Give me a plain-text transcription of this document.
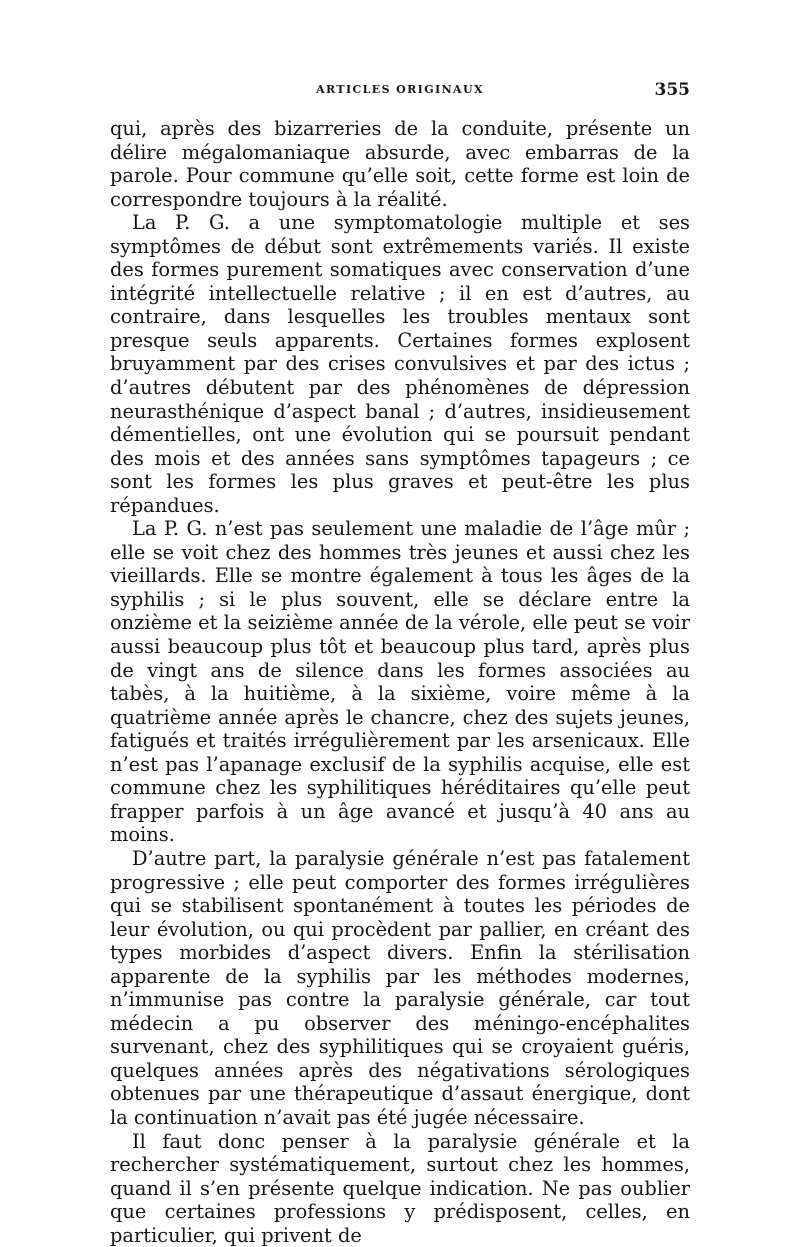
ARTICLES ORIGINAUX	355

qui, après des bizarreries de la conduite, présente un délire mégalomaniaque absurde, avec embarras de la parole. Pour commune qu’elle soit, cette forme est loin de correspondre toujours à la réalité.

La P. G. a une symptomatologie multiple et ses symptômes de début sont extrêmements variés. Il existe des formes purement somatiques avec conservation d’une intégrité intellectuelle relative ; il en est d’autres, au contraire, dans lesquelles les troubles mentaux sont presque seuls apparents. Certaines formes explosent bruyamment par des crises convulsives et par des ictus ; d’autres débutent par des phénomènes de dépression neurasthénique d’aspect banal ; d’autres, insidieusement démentielles, ont une évolution qui se poursuit pendant des mois et des années sans symptômes tapageurs ; ce sont les formes les plus graves et peut-être les plus répandues.

La P. G. n’est pas seulement une maladie de l’âge mûr ; elle se voit chez des hommes très jeunes et aussi chez les vieillards. Elle se montre également à tous les âges de la syphilis ; si le plus souvent, elle se déclare entre la onzième et la seizième année de la vérole, elle peut se voir aussi beaucoup plus tôt et beaucoup plus tard, après plus de vingt ans de silence dans les formes associées au tabès, à la huitième, à la sixième, voire même à la quatrième année après le chancre, chez des sujets jeunes, fatigués et traités irrégulièrement par les arsenicaux. Elle n’est pas l’apanage exclusif de la syphilis acquise, elle est commune chez les syphilitiques héréditaires qu’elle peut frapper parfois à un âge avancé et jusqu’à 40 ans au moins.

D’autre part, la paralysie générale n’est pas fatalement progressive ; elle peut comporter des formes irrégulières qui se stabilisent spontanément à toutes les périodes de leur évolution, ou qui procèdent par pallier, en créant des types morbides d’aspect divers. Enfin la stérilisation apparente de la syphilis par les méthodes modernes, n’immunise pas contre la paralysie générale, car tout médecin a pu observer des méningo-encéphalites survenant, chez des syphilitiques qui se croyaient guéris, quelques années après des négativations sérologiques obtenues par une thérapeutique d’assaut énergique, dont la continuation n’avait pas été jugée nécessaire.

Il faut donc penser à la paralysie générale et la rechercher systématiquement, surtout chez les hommes, quand il s’en présente quelque indication. Ne pas oublier que certaines professions y prédisposent, celles, en particulier, qui privent de
